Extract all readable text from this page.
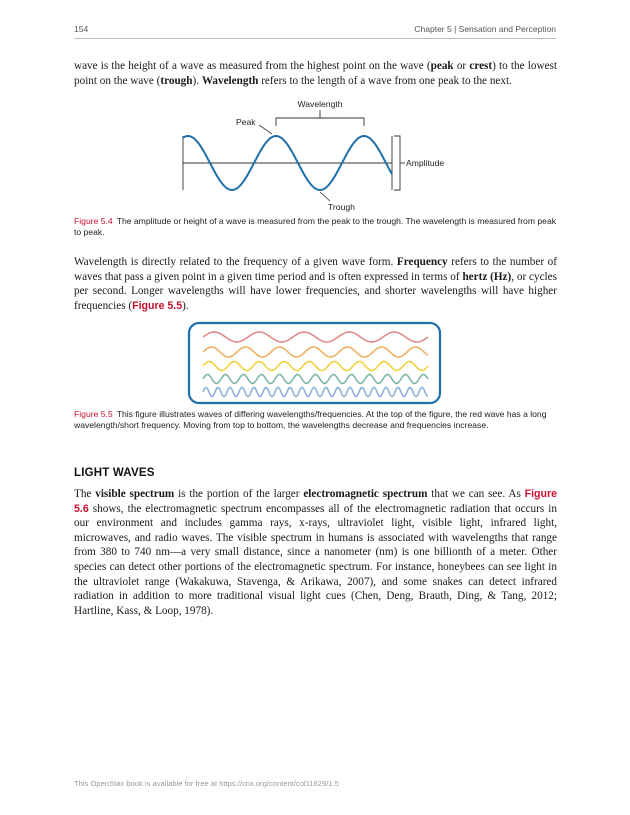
154	Chapter 5 | Sensation and Perception
wave is the height of a wave as measured from the highest point on the wave (peak or crest) to the lowest point on the wave (trough). Wavelength refers to the length of a wave from one peak to the next.
Wavelength
Peak
Amplitude
Trough
Figure 5.4 The amplitude or height of a wave is measured from the peak to the trough. The wavelength is measured from peak to peak.
Wavelength is directly related to the frequency of a given wave form. Frequency refers to the number of waves that pass a given point in a given time period and is often expressed in terms of hertz (Hz), or cycles per second. Longer wavelengths will have lower frequencies, and shorter wavelengths will have higher frequencies (Figure 5.5).
Figure 5.5 This figure illustrates waves of differing wavelengths/frequencies. At the top of the figure, the red wave has a long wavelength/short frequency. Moving from top to bottom, the wavelengths decrease and frequencies increase.
LIGHT WAVES
The visible spectrum is the portion of the larger electromagnetic spectrum that we can see. As Figure 5.6 shows, the electromagnetic spectrum encompasses all of the electromagnetic radiation that occurs in our environment and includes gamma rays, x-rays, ultraviolet light, visible light, infrared light, microwaves, and radio waves. The visible spectrum in humans is associated with wavelengths that range from 380 to 740 nm—a very small distance, since a nanometer (nm) is one billionth of a meter. Other species can detect other portions of the electromagnetic spectrum. For instance, honeybees can see light in the ultraviolet range (Wakakuwa, Stavenga, & Arikawa, 2007), and some snakes can detect infrared radiation in addition to more traditional visual light cues (Chen, Deng, Brauth, Ding, & Tang, 2012; Hartline, Kass, & Loop, 1978).
This OpenStax book is available for free at https://cnx.org/content/col11629/1.5
